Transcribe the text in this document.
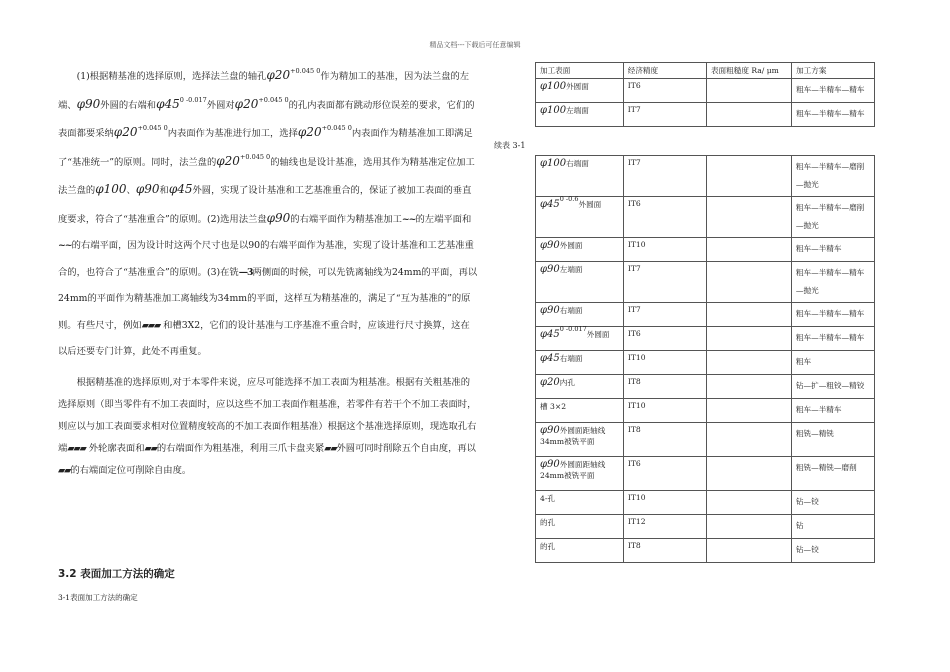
精品文档---下载后可任意编辑

(1)根据精基准的选择原则，选择法兰盘的轴孔$\varphi 20^{+0.045 0}$作为精加工的基准，因为法兰盘的左端、φ90外圆的右端和$\varphi 45^{0 -0.017}$外圆对$\varphi 20^{+0.045 0}$的孔内表面都有跳动形位误差的要求，它们的表面都要采纳$\varphi 20^{+0.045 0}$内表面作为基准进行加工，选择$\varphi 20^{+0.045 0}$内表面作为精基准加工即满足了“基准统一”的原则。同时，法兰盘的$\varphi 20^{+0.045 0}$的轴线也是设计基准，选用其作为精基准定位加工法兰盘的φ100、φ90和φ45外圆，实现了设计基准和工艺基准重合的，保证了被加工表面的垂直度要求，符合了“基准重合”的原则。(2)选用法兰盘φ90的右端平面作为精基准加工~~的左端平面和~~的右端平面，因为设计时这两个尺寸也是以90的右端平面作为基准，实现了设计基准和工艺基准重合的，也符合了“基准重合”的原则。(3)在铣—3两侧面的时候，可以先铣离轴线为24mm的平面，再以24mm的平面作为精基准加工离轴线为34mm的平面，这样互为精基准的，满足了“互为基准的”的原则。有些尺寸，例如▰▰▰ 和槽3X2，它们的设计基准与工序基准不重合时，应该进行尺寸换算，这在以后还要专门计算，此处不再重复。

根据精基准的选择原则,对于本零件来说，应尽可能选择不加工表面为粗基准。根据有关粗基准的选择原则（即当零件有不加工表面时，应以这些不加工表面作粗基准，若零件有若干个不加工表面时，则应以与加工表面要求相对位置精度较高的不加工表面作粗基准）根据这个基准选择原则，现选取孔右端▰▰▰ 外轮廓表面和▰▰的右端面作为粗基准，利用三爪卡盘夹紧▰▰外圆可同时削除五个自由度，再以▰▰的右端面定位可削除自由度。

3.2 表面加工方法的确定
3-1表面加工方法的确定
续表 3-1
加工表面	经济精度	表面粗糙度 Ra/ μm	加工方案
φ100外圆面	IT6		粗车—半精车—精车
φ100左端面	IT7		粗车—半精车—精车
φ100右端面	IT7		粗车—半精车—磨削—抛光
φ450 -0.6外圆面	IT6		粗车—半精车—磨削—抛光
φ90外圆面	IT10		粗车—半精车
φ90左端面	IT7		粗车—半精车—精车—抛光
φ90右端面	IT7		粗车—半精车—精车
φ450 -0.017外圆面	IT6		粗车—半精车—精车
φ45右端面	IT10		粗车
φ20内孔	IT8		钻—扩—粗铰—精铰
槽 3×2	IT10		粗车—半精车
φ90外圆面距轴线34mm被铣平面	IT8		粗铣—精铣
φ90外圆面距轴线24mm被铣平面	IT6		粗铣—精铣—磨削
4-孔	IT10		钻—铰
的孔	IT12		钻
的孔	IT8		钻—铰
